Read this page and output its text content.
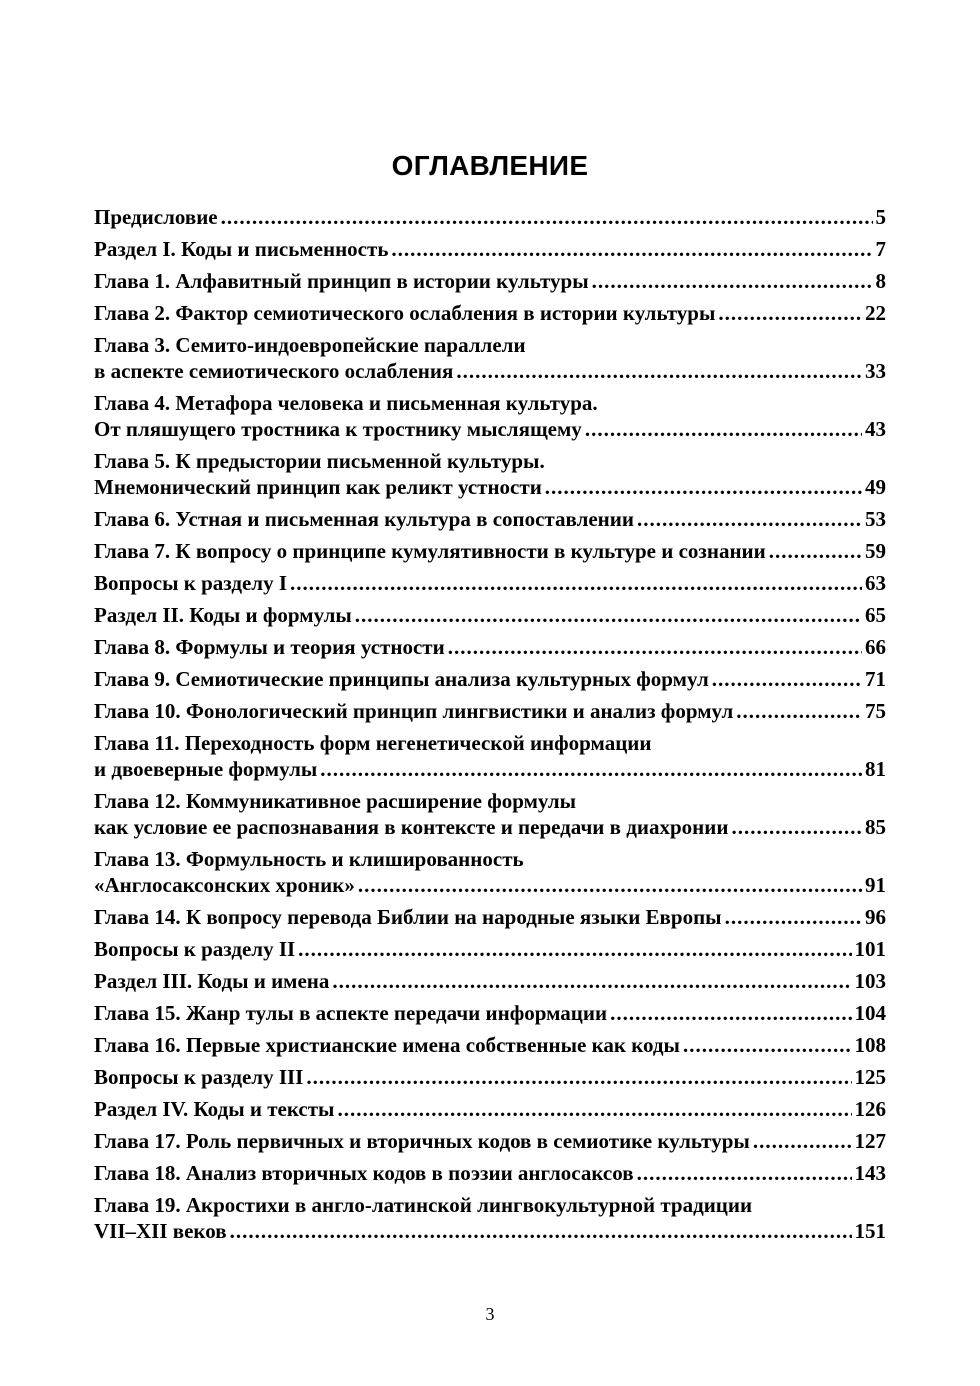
ОГЛАВЛЕНИЕ
Предисловие .....	5
Раздел I. Коды и письменность .....	7
Глава 1. Алфавитный принцип в истории культуры .....	8
Глава 2. Фактор семиотического ослабления в истории культуры .....	22
Глава 3. Семито-индоевропейские параллели
в аспекте семиотического ослабления .....	33
Глава 4. Метафора человека и письменная культура.
От пляшущего тростника к тростнику мыслящему .....	43
Глава 5. К предыстории письменной культуры.
Мнемонический принцип как реликт устности .....	49
Глава 6. Устная и письменная культура в сопоставлении .....	53
Глава 7. К вопросу о принципе кумулятивности в культуре и сознании .....	59
Вопросы к разделу I .....	63
Раздел II. Коды и формулы .....	65
Глава 8. Формулы и теория устности .....	66
Глава 9. Семиотические принципы анализа культурных формул .....	71
Глава 10. Фонологический принцип лингвистики и анализ формул .....	75
Глава 11. Переходность форм негенетической информации
и двоеверные формулы .....	81
Глава 12. Коммуникативное расширение формулы
как условие ее распознавания в контексте и передачи в диахронии .....	85
Глава 13. Формульность и клишированность
«Англосаксонских хроник» .....	91
Глава 14. К вопросу перевода Библии на народные языки Европы .....	96
Вопросы к разделу II .....	101
Раздел III. Коды и имена .....	103
Глава 15. Жанр тулы в аспекте передачи информации .....	104
Глава 16. Первые христианские имена собственные как коды .....	108
Вопросы к разделу III .....	125
Раздел IV. Коды и тексты .....	126
Глава 17. Роль первичных и вторичных кодов в семиотике культуры .....	127
Глава 18. Анализ вторичных кодов в поэзии англосаксов .....	143
Глава 19. Акростихи в англо-латинской лингвокультурной традиции
VII–XII веков .....	151
3
